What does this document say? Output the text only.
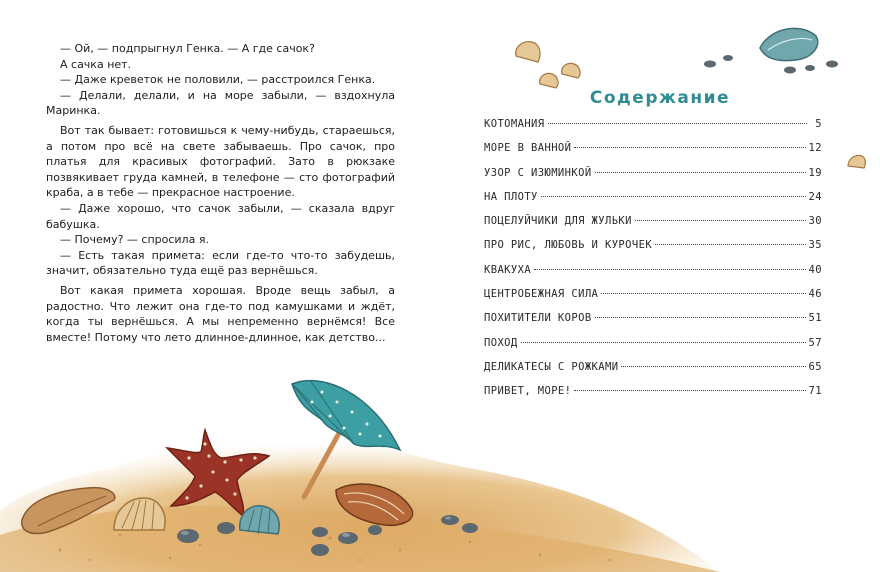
— Ой, — подпрыгнул Генка. — А где сачок?

А сачка нет.

— Даже креветок не половили, — расстроился Генка.

— Делали, делали, и на море забыли, — вздохнула Маринка.

Вот так бывает: готовишься к чему-нибудь, стараешься, а потом про всё на свете забываешь. Про сачок, про платья для красивых фотографий. Зато в рюкзаке позвякивает груда камней, в телефоне — сто фотографий краба, а в тебе — прекрасное настроение.

— Даже хорошо, что сачок забыли, — сказала вдруг бабушка.

— Почему? — спросила я.

— Есть такая примета: если где-то что-то забудешь, значит, обязательно туда ещё раз вернёшься.

Вот какая примета хорошая. Вроде вещь забыл, а радостно. Что лежит она где-то под камушками и ждёт, когда ты вернёшься. А мы непременно вернёмся! Все вместе! Потому что лето длинное-длинное, как детство...

Содержание
КОТОМАНИЯ	5
МОРЕ В ВАННОЙ	12
УЗОР С ИЗЮМИНКОЙ	19
НА ПЛОТУ	24
ПОЦЕЛУЙЧИКИ ДЛЯ ЖУЛЬКИ	30
ПРО РИС, ЛЮБОВЬ И КУРОЧЕК	35
КВАКУХА	40
ЦЕНТРОБЕЖНАЯ СИЛА	46
ПОХИТИТЕЛИ КОРОВ	51
ПОХОД	57
ДЕЛИКАТЕСЫ С РОЖКАМИ	65
ПРИВЕТ, МОРЕ!	71
